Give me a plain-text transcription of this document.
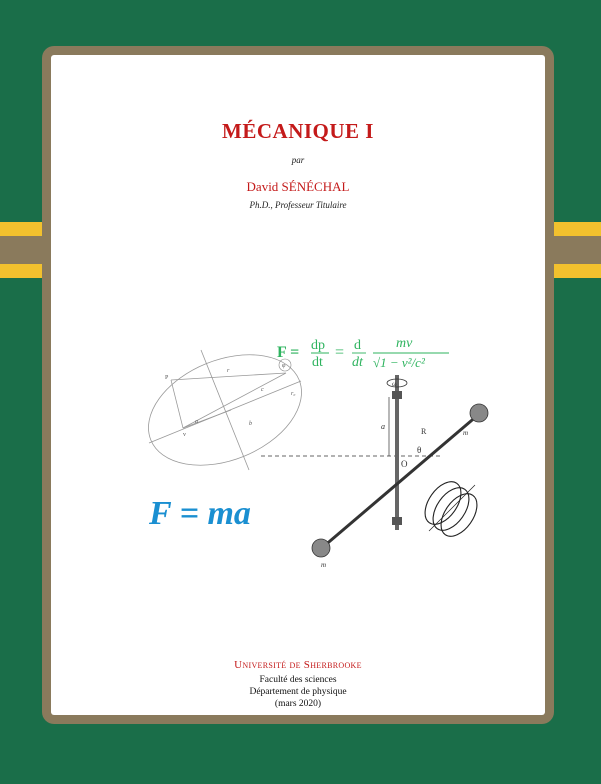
MÉCANIQUE I
par
David SÉNÉCHAL
Ph.D., Professeur Titulaire
P
r
c
a	b
v
r₀
φ
F = dp
dt
= d
dt
mv
√1 − v²/c²
ω
a
m
m
R
O
θ
F = ma
Université de Sherbrooke
Faculté des sciences
Département de physique
(mars 2020)
